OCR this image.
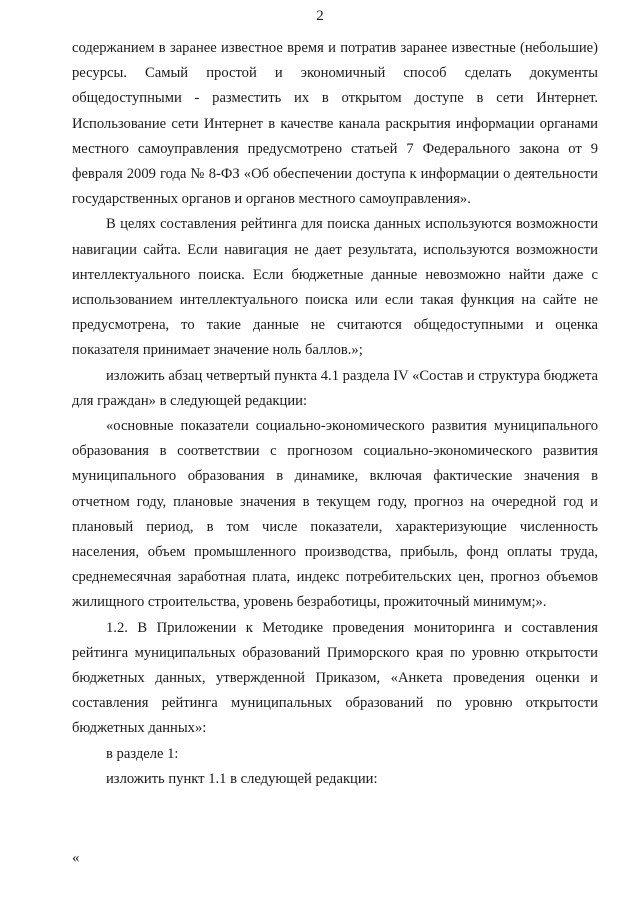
2

содержанием в заранее известное время и потратив заранее известные (небольшие) ресурсы. Самый простой и экономичный способ сделать документы общедоступными - разместить их в открытом доступе в сети Интернет. Использование сети Интернет в качестве канала раскрытия информации органами местного самоуправления предусмотрено статьей 7 Федерального закона от 9 февраля 2009 года № 8-ФЗ «Об обеспечении доступа к информации о деятельности государственных органов и органов местного самоуправления».

В целях составления рейтинга для поиска данных используются возможности навигации сайта. Если навигация не дает результата, используются возможности интеллектуального поиска. Если бюджетные данные невозможно найти даже с использованием интеллектуального поиска или если такая функция на сайте не предусмотрена, то такие данные не считаются общедоступными и оценка показателя принимает значение ноль баллов.»;

изложить абзац четвертый пункта 4.1 раздела IV «Состав и структура бюджета для граждан» в следующей редакции:

«основные показатели социально-экономического развития муниципального образования в соответствии с прогнозом социально-экономического развития муниципального образования в динамике, включая фактические значения в отчетном году, плановые значения в текущем году, прогноз на очередной год и плановый период, в том числе показатели, характеризующие численность населения, объем промышленного производства, прибыль, фонд оплаты труда, среднемесячная заработная плата, индекс потребительских цен, прогноз объемов жилищного строительства, уровень безработицы, прожиточный минимум;».

1.2. В Приложении к Методике проведения мониторинга и составления рейтинга муниципальных образований Приморского края по уровню открытости бюджетных данных, утвержденной Приказом, «Анкета проведения оценки и составления рейтинга муниципальных образований по уровню открытости бюджетных данных»:

в разделе 1:

изложить пункт 1.1 в следующей редакции:

«
